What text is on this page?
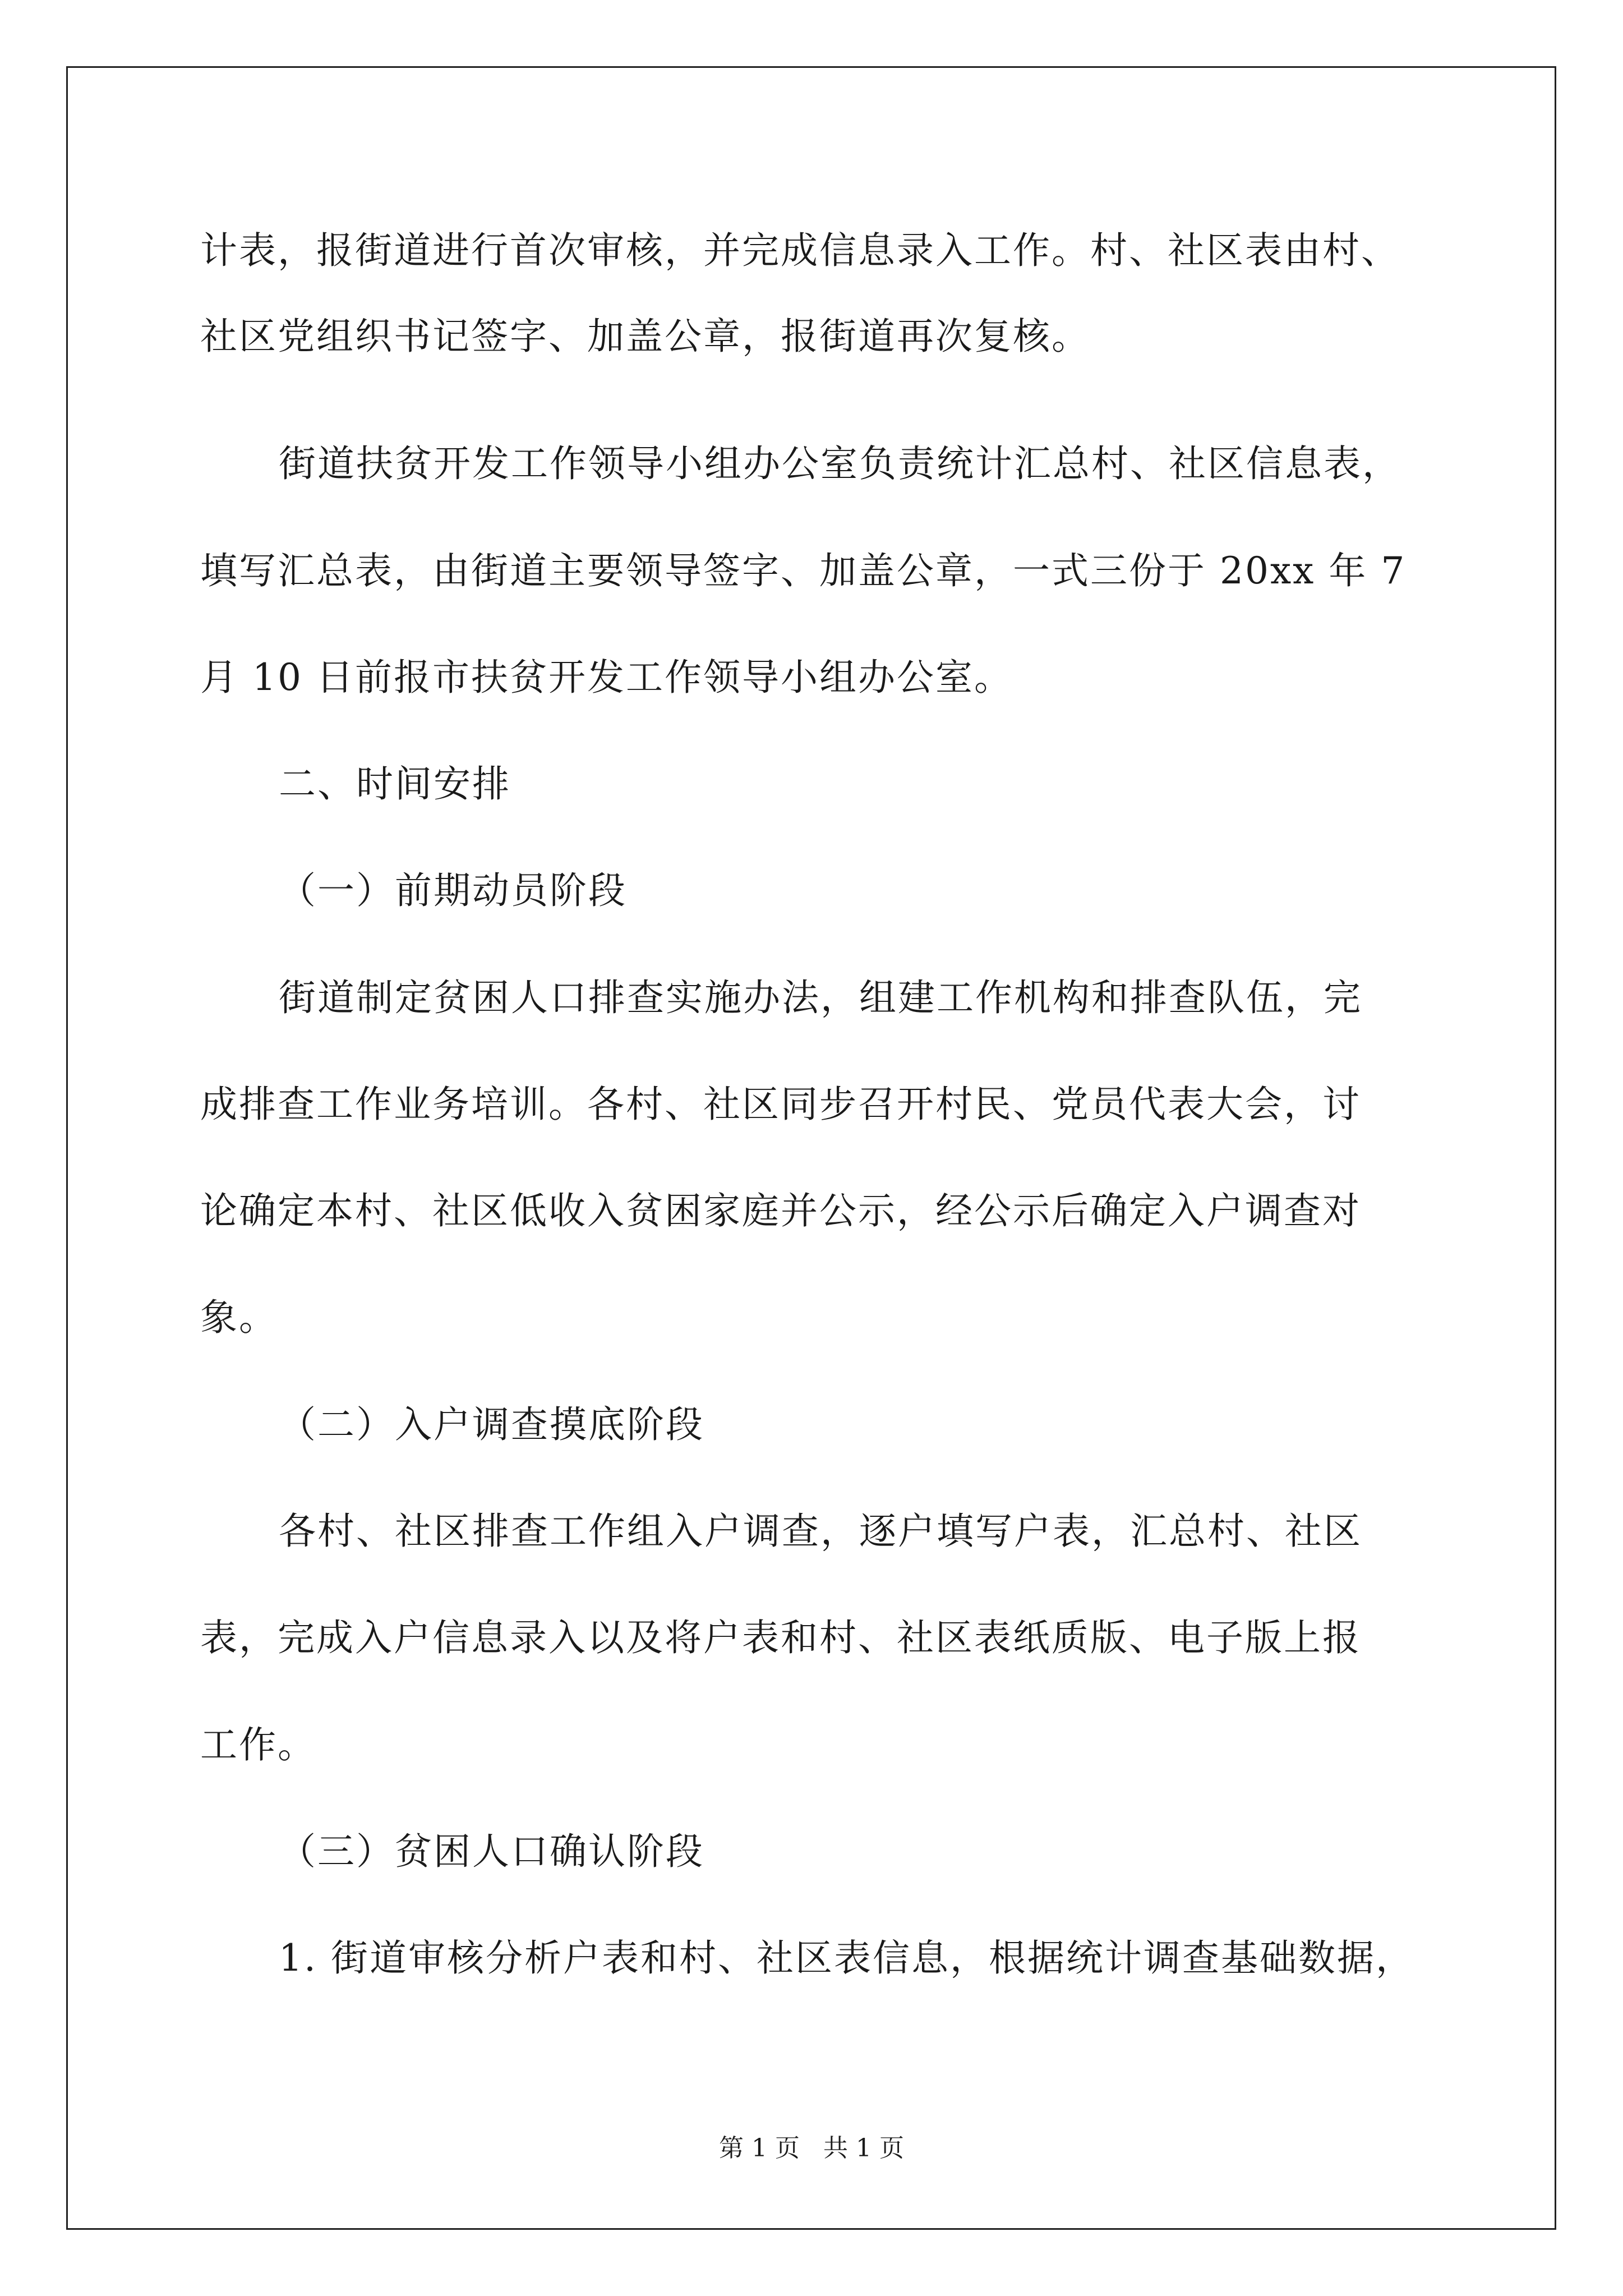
计表，报街道进行首次审核，并完成信息录入工作。村、社区表由村、
社区党组织书记签字、加盖公章，报街道再次复核。
街道扶贫开发工作领导小组办公室负责统计汇总村、社区信息表，
填写汇总表，由街道主要领导签字、加盖公章，一式三份于 20xx 年 7
月 10 日前报市扶贫开发工作领导小组办公室。
二、时间安排
（一）前期动员阶段
街道制定贫困人口排查实施办法，组建工作机构和排查队伍，完
成排查工作业务培训。各村、社区同步召开村民、党员代表大会，讨
论确定本村、社区低收入贫困家庭并公示，经公示后确定入户调查对
象。
（二）入户调查摸底阶段
各村、社区排查工作组入户调查，逐户填写户表，汇总村、社区
表，完成入户信息录入以及将户表和村、社区表纸质版、电子版上报
工作。
（三）贫困人口确认阶段
1. 街道审核分析户表和村、社区表信息，根据统计调查基础数据，
第 1 页   共 1 页
